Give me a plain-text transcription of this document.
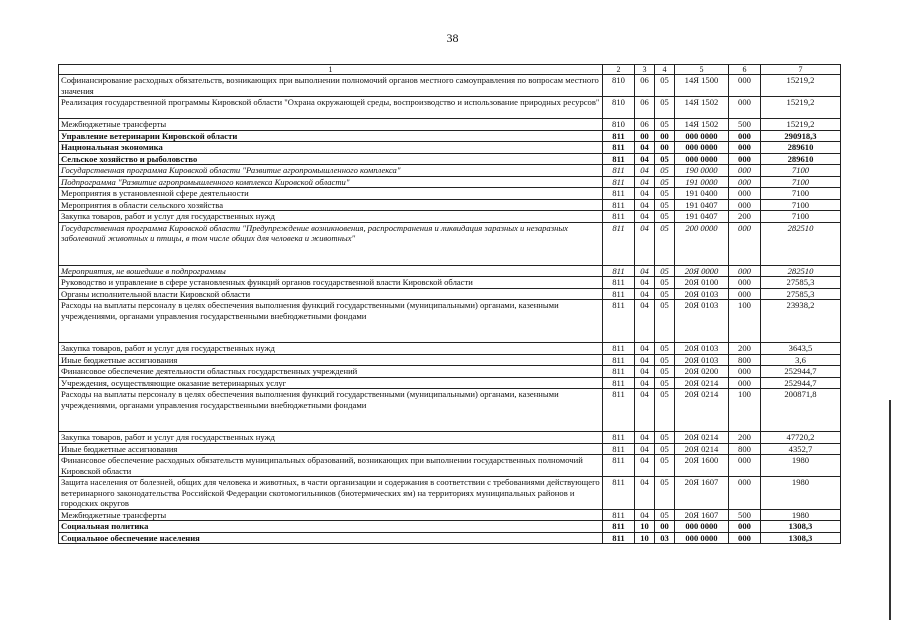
38
1	2	3	4	5	6	7
Софинансирование расходных обязательств, возникающих при выполнении полномочий органов местного самоуправления по вопросам местного значения	810	06	05	14Я 1500	000	15219,2
Реализация государственной программы Кировской области "Охрана окружающей среды, воспроизводство и использование природных ресурсов"	810	06	05	14Я 1502	000	15219,2
Межбюджетные трансферты	810	06	05	14Я 1502	500	15219,2
Управление ветеринарии Кировской области	811	00	00	000 0000	000	290918,3
Национальная экономика	811	04	00	000 0000	000	289610
Сельское хозяйство и рыболовство	811	04	05	000 0000	000	289610
Государственная программа Кировской области "Развитие агропромышленного комплекса"	811	04	05	190 0000	000	7100
Подпрограмма "Развитие агропромышленного комплекса Кировской области"	811	04	05	191 0000	000	7100
Мероприятия в установленной сфере деятельности	811	04	05	191 0400	000	7100
Мероприятия в области сельского хозяйства	811	04	05	191 0407	000	7100
Закупка товаров, работ и услуг для государственных нужд	811	04	05	191 0407	200	7100
Государственная программа Кировской области "Предупреждение возникновения, распространения и ликвидация заразных и незаразных заболеваний животных и птицы, в том числе общих для человека и животных"	811	04	05	200 0000	000	282510
Мероприятия, не вошедшие в подпрограммы	811	04	05	20Я 0000	000	282510
Руководство и управление в сфере установленных функций органов государственной власти Кировской области	811	04	05	20Я 0100	000	27585,3
Органы исполнительной власти Кировской области	811	04	05	20Я 0103	000	27585,3
Расходы на выплаты персоналу в целях обеспечения выполнения функций государственными (муниципальными) органами, казенными учреждениями, органами управления государственными внебюджетными фондами	811	04	05	20Я 0103	100	23938,2
Закупка товаров, работ и услуг для государственных нужд	811	04	05	20Я 0103	200	3643,5
Иные бюджетные ассигнования	811	04	05	20Я 0103	800	3,6
Финансовое обеспечение деятельности областных государственных учреждений	811	04	05	20Я 0200	000	252944,7
Учреждения, осуществляющие оказание ветеринарных услуг	811	04	05	20Я 0214	000	252944,7
Расходы на выплаты персоналу в целях обеспечения выполнения функций государственными (муниципальными) органами, казенными учреждениями, органами управления государственными внебюджетными фондами	811	04	05	20Я 0214	100	200871,8
Закупка товаров, работ и услуг для государственных нужд	811	04	05	20Я 0214	200	47720,2
Иные бюджетные ассигнования	811	04	05	20Я 0214	800	4352,7
Финансовое обеспечение расходных обязательств муниципальных образований, возникающих при выполнении государственных полномочий Кировской области	811	04	05	20Я 1600	000	1980
Защита населения от болезней, общих для человека и животных, в части организации и содержания в соответствии с требованиями действующего ветеринарного законодательства Российской Федерации скотомогильников (биотермических ям) на территориях муниципальных районов и городских округов	811	04	05	20Я 1607	000	1980
Межбюджетные трансферты	811	04	05	20Я 1607	500	1980
Социальная политика	811	10	00	000 0000	000	1308,3
Социальное обеспечение населения	811	10	03	000 0000	000	1308,3
